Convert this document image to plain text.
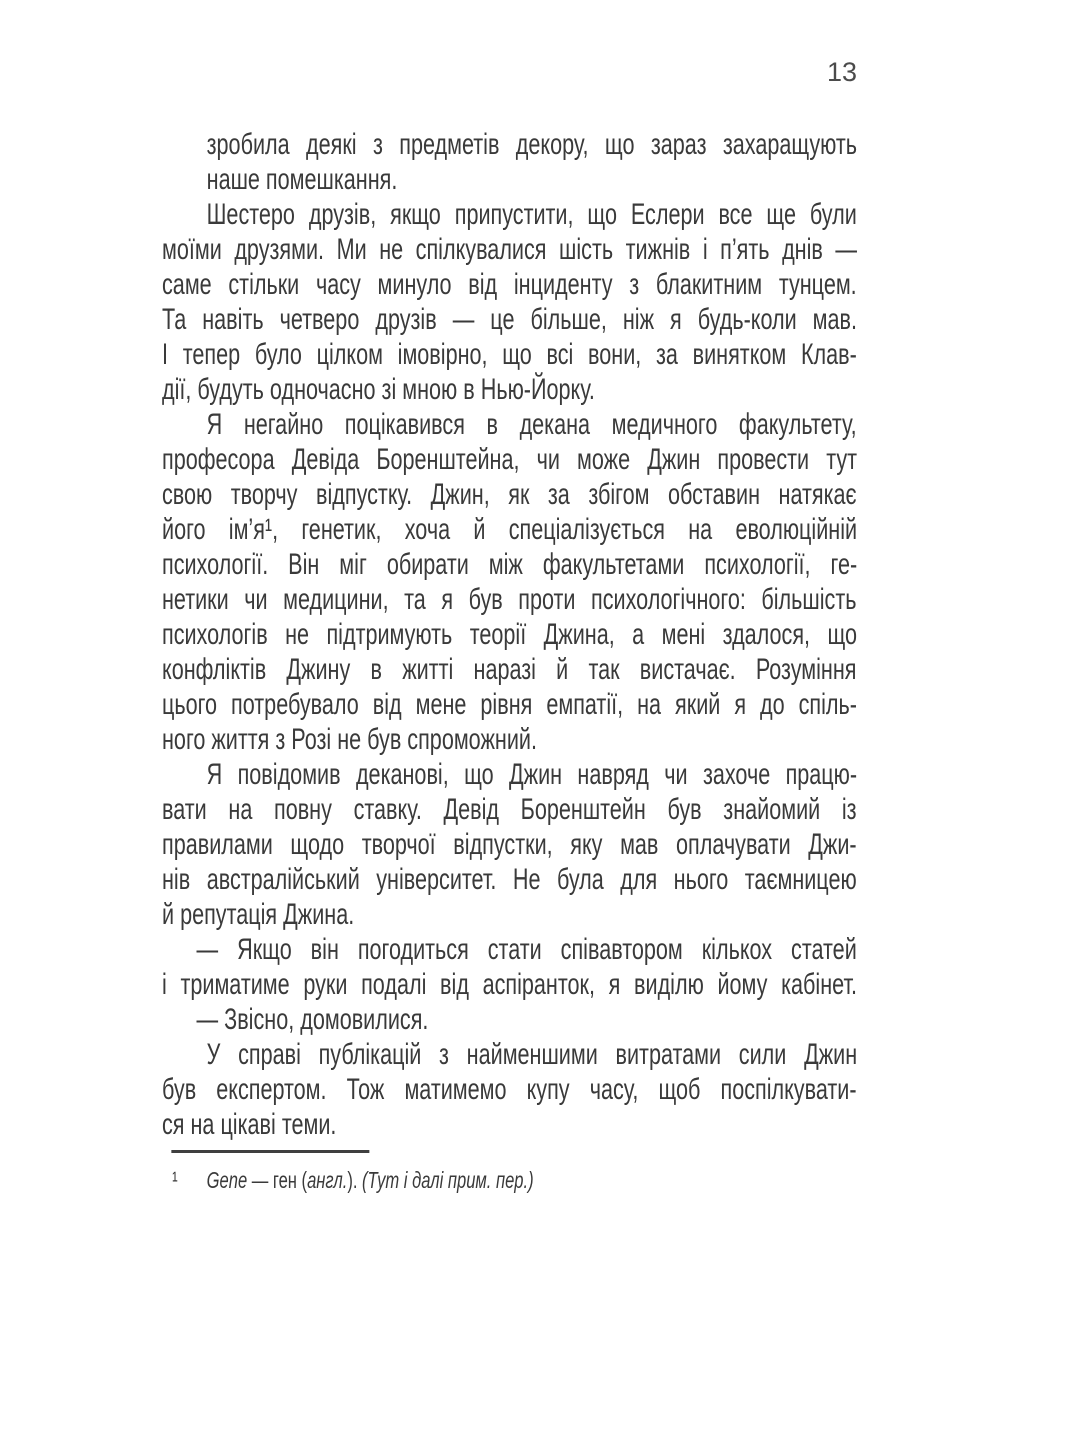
13
зробила деякі з предметів декору, що зараз захаращують
наше помешкання.
Шестеро друзів, якщо припустити, що Еслери все ще були
моїми друзями. Ми не спілкувалися шість тижнів і п’ять днів —
саме стільки часу минуло від інциденту з блакитним тунцем.
Та навіть четверо друзів — це більше, ніж я будь-коли мав.
І тепер було цілком імовірно, що всі вони, за винятком Клав-
дії, будуть одночасно зі мною в Нью-Йорку.
Я негайно поцікавився в декана медичного факультету,
професора Девіда Боренштейна, чи може Джин провести тут
свою творчу відпустку. Джин, як за збігом обставин натякає
його ім’я¹, генетик, хоча й спеціалізується на еволюційній
психології. Він міг обирати між факультетами психології, ге-
нетики чи медицини, та я був проти психологічного: більшість
психологів не підтримують теорії Джина, а мені здалося, що
конфліктів Джину в житті наразі й так вистачає. Розуміння
цього потребувало від мене рівня емпатії, на який я до спіль-
ного життя з Розі не був спроможний.
Я повідомив деканові, що Джин навряд чи захоче працю-
вати на повну ставку. Девід Боренштейн був знайомий із
правилами щодо творчої відпустки, яку мав оплачувати Джи-
нів австралійський університет. Не була для нього таємницею
й репутація Джина.
— Якщо він погодиться стати співавтором кількох статей
і триматиме руки подалі від аспіранток, я виділю йому кабінет.
— Звісно, домовилися.
У справі публікацій з найменшими витратами сили Джин
був експертом. Тож матимемо купу часу, щоб поспілкувати-
ся на цікаві теми.
¹ Gene — ген (англ.). (Тут і далі прим. пер.)
